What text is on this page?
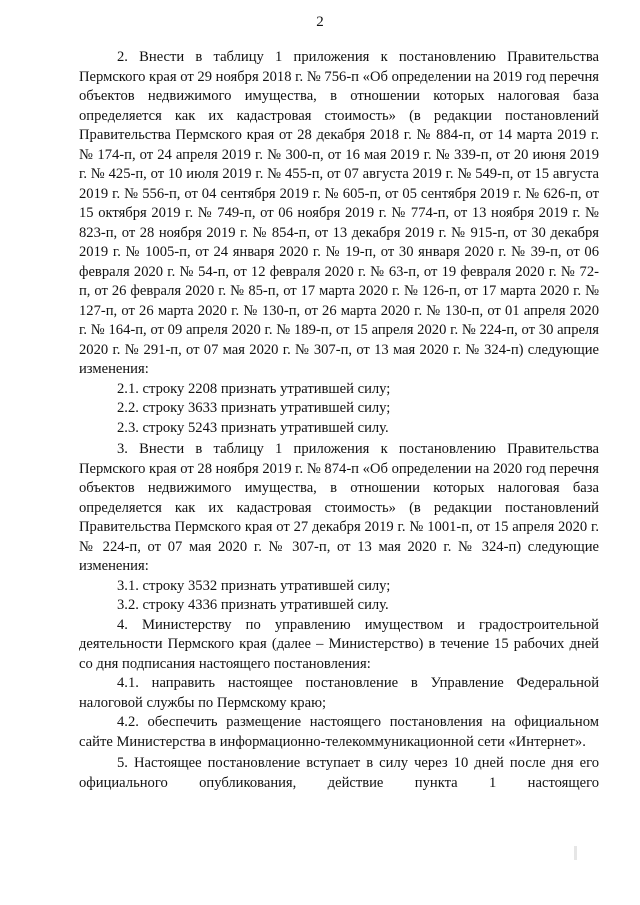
2

2. Внести в таблицу 1 приложения к постановлению Правительства Пермского края от 29 ноября 2018 г. № 756-п «Об определении на 2019 год перечня объектов недвижимого имущества, в отношении которых налоговая база определяется как их кадастровая стоимость» (в редакции постановлений Правительства Пермского края от 28 декабря 2018 г. № 884-п, от 14 марта 2019 г. № 174-п, от 24 апреля 2019 г. № 300-п, от 16 мая 2019 г. № 339-п, от 20 июня 2019 г. № 425-п, от 10 июля 2019 г. № 455-п, от 07 августа 2019 г. № 549-п, от 15 августа 2019 г. № 556-п, от 04 сентября 2019 г. № 605-п, от 05 сентября 2019 г. № 626-п, от 15 октября 2019 г. № 749-п, от 06 ноября 2019 г. № 774-п, от 13 ноября 2019 г. № 823-п, от 28 ноября 2019 г. № 854-п, от 13 декабря 2019 г. № 915-п, от 30 декабря 2019 г. № 1005-п, от 24 января 2020 г. № 19-п, от 30 января 2020 г. № 39-п, от 06 февраля 2020 г. № 54-п, от 12 февраля 2020 г. № 63-п, от 19 февраля 2020 г. № 72-п, от 26 февраля 2020 г. № 85-п, от 17 марта 2020 г. № 126-п, от 17 марта 2020 г. № 127-п, от 26 марта 2020 г. № 130-п, от 26 марта 2020 г. № 130-п, от 01 апреля 2020 г. № 164-п, от 09 апреля 2020 г. № 189-п, от 15 апреля 2020 г. № 224-п, от 30 апреля 2020 г. № 291-п, от 07 мая 2020 г. № 307-п, от 13 мая 2020 г. № 324-п) следующие изменения:

2.1. строку 2208 признать утратившей силу;

2.2. строку 3633 признать утратившей силу;

2.3. строку 5243 признать утратившей силу.

3. Внести в таблицу 1 приложения к постановлению Правительства Пермского края от 28 ноября 2019 г. № 874-п «Об определении на 2020 год перечня объектов недвижимого имущества, в отношении которых налоговая база определяется как их кадастровая стоимость» (в редакции постановлений Правительства Пермского края от 27 декабря 2019 г. № 1001-п, от 15 апреля 2020 г. № 224-п, от 07 мая 2020 г. № 307-п, от 13 мая 2020 г. № 324-п) следующие изменения:

3.1. строку 3532 признать утратившей силу;

3.2. строку 4336 признать утратившей силу.

4. Министерству по управлению имуществом и градостроительной деятельности Пермского края (далее – Министерство) в течение 15 рабочих дней со дня подписания настоящего постановления:

4.1. направить настоящее постановление в Управление Федеральной налоговой службы по Пермскому краю;

4.2. обеспечить размещение настоящего постановления на официальном сайте Министерства в информационно-телекоммуникационной сети «Интернет».

5. Настоящее постановление вступает в силу через 10 дней после дня его официального опубликования, действие пункта 1 настоящего
